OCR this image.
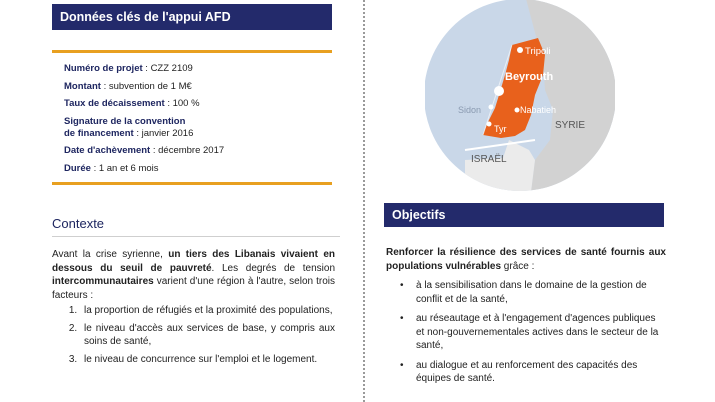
Données clés de l'appui AFD
Numéro de projet : CZZ 2109
Montant : subvention de 1 M€
Taux de décaissement : 100 %
Signature de la convention
de financement : janvier 2016
Date d'achèvement : décembre 2017
Durée : 1 an et 6 mois
Contexte

Avant la crise syrienne, un tiers des Libanais vivaient en dessous du seuil de pauvreté. Les degrés de tension intercommunautaires varient d'une région à l'autre, selon trois facteurs :

1. la proportion de réfugiés et la proximité des populations,
2. le niveau d'accès aux services de base, y compris aux soins de santé,
3. le niveau de concurrence sur l'emploi et le logement.
Tripoli
Beyrouth
Nabatieh
Sidon
Tyr	SYRIE
ISRAËL
Objectifs

Renforcer la résilience des services de santé fournis aux populations vulnérables grâce :

• à la sensibilisation dans le domaine de la gestion de conflit et de la santé,
• au réseautage et à l'engagement d'agences publiques et non-gouvernementales actives dans le secteur de la santé,
• au dialogue et au renforcement des capacités des équipes de santé.
